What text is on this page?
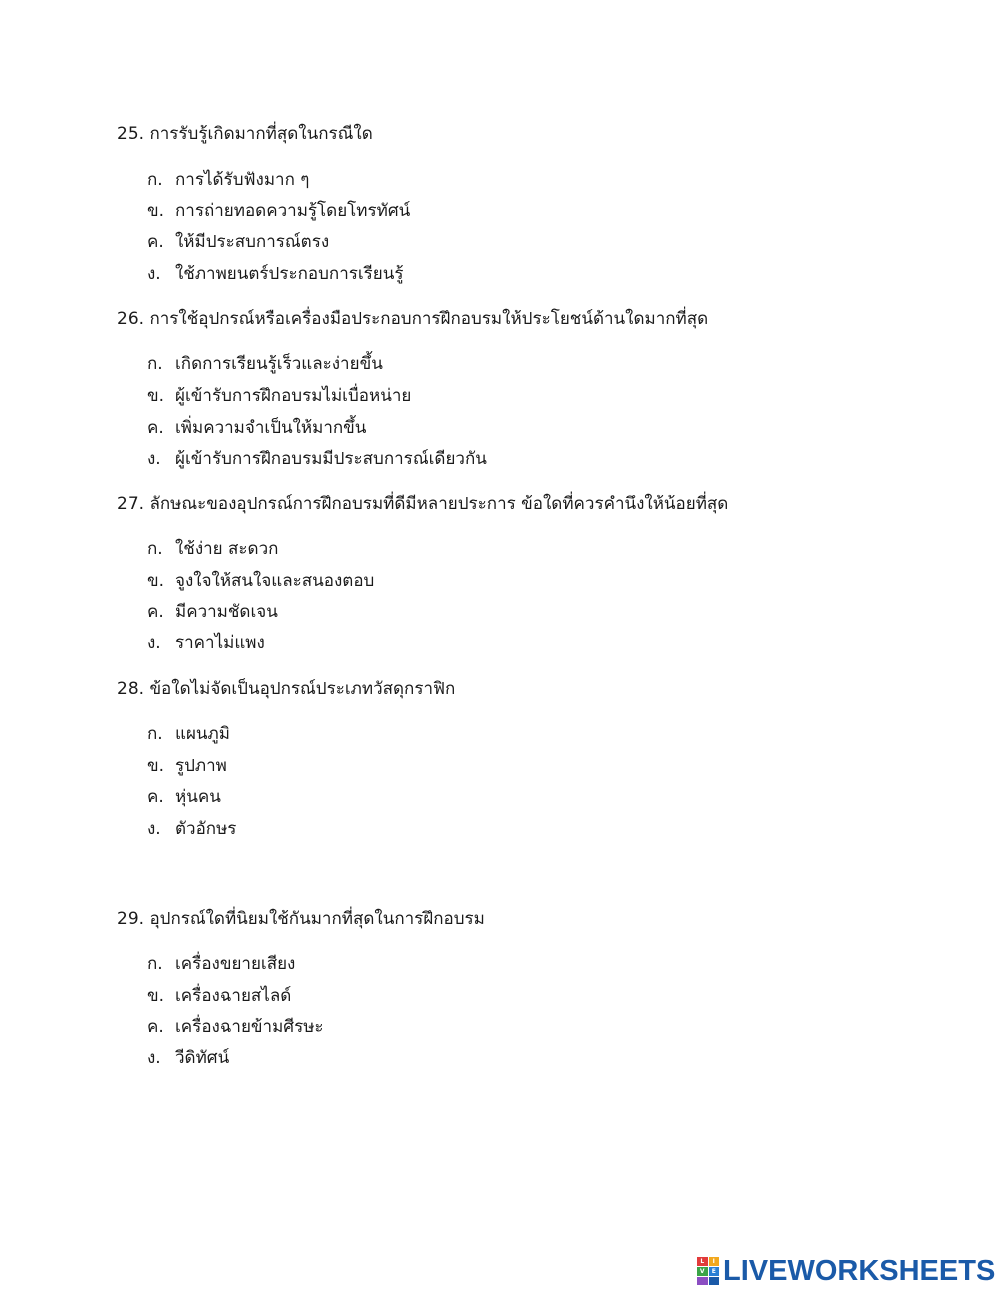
25. การรับรู้เกิดมากที่สุดในกรณีใด
ก. การได้รับฟังมาก ๆ
ข. การถ่ายทอดความรู้โดยโทรทัศน์
ค. ให้มีประสบการณ์ตรง
ง. ใช้ภาพยนตร์ประกอบการเรียนรู้
26. การใช้อุปกรณ์หรือเครื่องมือประกอบการฝึกอบรมให้ประโยชน์ด้านใดมากที่สุด
ก. เกิดการเรียนรู้เร็วและง่ายขึ้น
ข. ผู้เข้ารับการฝึกอบรมไม่เบื่อหน่าย
ค. เพิ่มความจำเป็นให้มากขึ้น
ง. ผู้เข้ารับการฝึกอบรมมีประสบการณ์เดียวกัน
27. ลักษณะของอุปกรณ์การฝึกอบรมที่ดีมีหลายประการ ข้อใดที่ควรคำนึงให้น้อยที่สุด
ก. ใช้ง่าย สะดวก
ข. จูงใจให้สนใจและสนองตอบ
ค. มีความชัดเจน
ง. ราคาไม่แพง
28. ข้อใดไม่จัดเป็นอุปกรณ์ประเภทวัสดุกราฟิก
ก. แผนภูมิ
ข. รูปภาพ
ค. หุ่นคน
ง. ตัวอักษร
29. อุปกรณ์ใดที่นิยมใช้กันมากที่สุดในการฝึกอบรม
ก. เครื่องขยายเสียง
ข. เครื่องฉายสไลด์
ค. เครื่องฉายข้ามศีรษะ
ง. วีดิทัศน์
L	I
V	E LIVEWORKSHEETS
